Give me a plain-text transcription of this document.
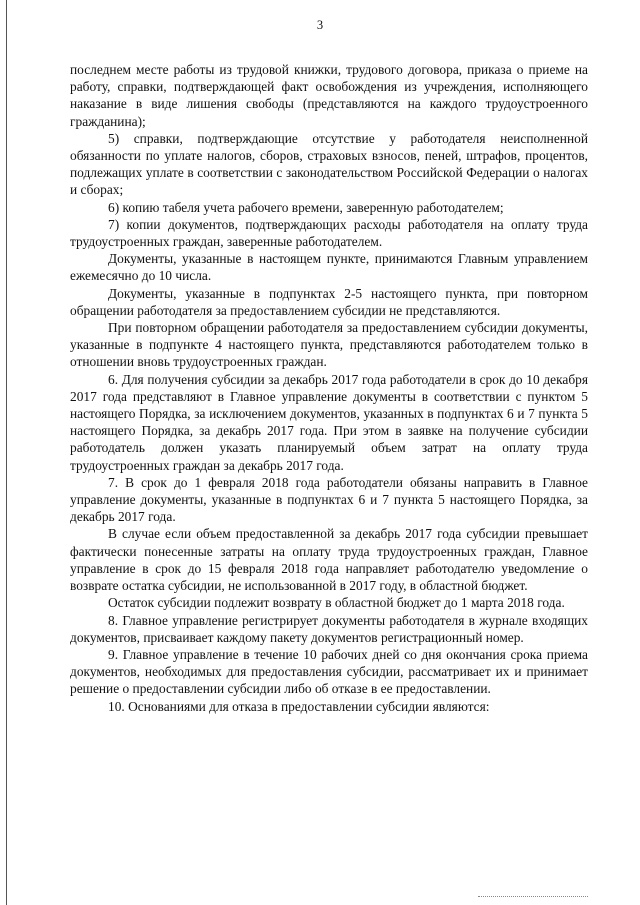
3

последнем месте работы из трудовой книжки, трудового договора, приказа о приеме на работу, справки, подтверждающей факт освобождения из учреждения, исполняющего наказание в виде лишения свободы (представляются на каждого трудоустроенного гражданина);

5) справки, подтверждающие отсутствие у работодателя неисполненной обязанности по уплате налогов, сборов, страховых взносов, пеней, штрафов, процентов, подлежащих уплате в соответствии с законодательством Российской Федерации о налогах и сборах;

6) копию табеля учета рабочего времени, заверенную работодателем;

7) копии документов, подтверждающих расходы работодателя на оплату труда трудоустроенных граждан, заверенные работодателем.

Документы, указанные в настоящем пункте, принимаются Главным управлением ежемесячно до 10 числа.

Документы, указанные в подпунктах 2-5 настоящего пункта, при повторном обращении работодателя за предоставлением субсидии не представляются.

При повторном обращении работодателя за предоставлением субсидии документы, указанные в подпункте 4 настоящего пункта, представляются работодателем только в отношении вновь трудоустроенных граждан.

6. Для получения субсидии за декабрь 2017 года работодатели в срок до 10 декабря 2017 года представляют в Главное управление документы в соответствии с пунктом 5 настоящего Порядка, за исключением документов, указанных в подпунктах 6 и 7 пункта 5 настоящего Порядка, за декабрь 2017 года. При этом в заявке на получение субсидии работодатель должен указать планируемый объем затрат на оплату труда трудоустроенных граждан за декабрь 2017 года.

7. В срок до 1 февраля 2018 года работодатели обязаны направить в Главное управление документы, указанные в подпунктах 6 и 7 пункта 5 настоящего Порядка, за декабрь 2017 года.

В случае если объем предоставленной за декабрь 2017 года субсидии превышает фактически понесенные затраты на оплату труда трудоустроенных граждан, Главное управление в срок до 15 февраля 2018 года направляет работодателю уведомление о возврате остатка субсидии, не использованной в 2017 году, в областной бюджет.

Остаток субсидии подлежит возврату в областной бюджет до 1 марта 2018 года.

8. Главное управление регистрирует документы работодателя в журнале входящих документов, присваивает каждому пакету документов регистрационный номер.

9. Главное управление в течение 10 рабочих дней со дня окончания срока приема документов, необходимых для предоставления субсидии, рассматривает их и принимает решение о предоставлении субсидии либо об отказе в ее предоставлении.

10. Основаниями для отказа в предоставлении субсидии являются:
